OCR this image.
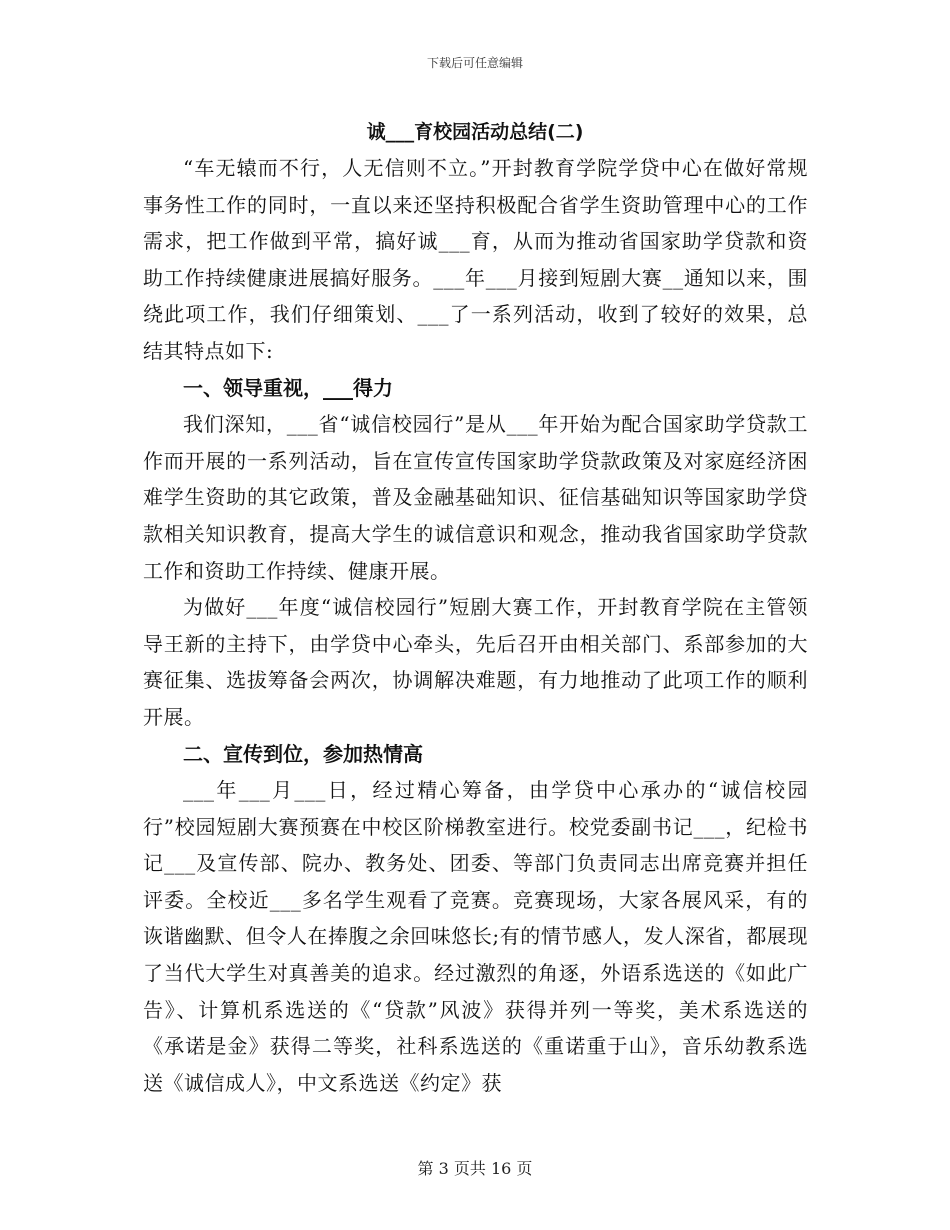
下载后可任意编辑
诚___育校园活动总结(二)

“车无辕而不行，人无信则不立。”开封教育学院学贷中心在做好常规事务性工作的同时，一直以来还坚持积极配合省学生资助管理中心的工作需求，把工作做到平常，搞好诚___育，从而为推动省国家助学贷款和资助工作持续健康进展搞好服务。___年___月接到短剧大赛__通知以来，围绕此项工作，我们仔细策划、___了一系列活动，收到了较好的效果，总结其特点如下:

一、领导重视，___得力

我们深知，___省“诚信校园行”是从___年开始为配合国家助学贷款工作而开展的一系列活动，旨在宣传宣传国家助学贷款政策及对家庭经济困难学生资助的其它政策，普及金融基础知识、征信基础知识等国家助学贷款相关知识教育，提高大学生的诚信意识和观念，推动我省国家助学贷款工作和资助工作持续、健康开展。

为做好___年度“诚信校园行”短剧大赛工作，开封教育学院在主管领导王新的主持下，由学贷中心牵头，先后召开由相关部门、系部参加的大赛征集、选拔筹备会两次，协调解决难题，有力地推动了此项工作的顺利开展。

二、宣传到位，参加热情高

___年___月___日，经过精心筹备，由学贷中心承办的“诚信校园行”校园短剧大赛预赛在中校区阶梯教室进行。校党委副书记___，纪检书记___及宣传部、院办、教务处、团委、等部门负责同志出席竞赛并担任评委。全校近___多名学生观看了竞赛。竞赛现场，大家各展风采，有的诙谐幽默、但令人在捧腹之余回味悠长;有的情节感人，发人深省，都展现了当代大学生对真善美的追求。经过激烈的角逐，外语系选送的《如此广告》、计算机系选送的《“贷款”风波》获得并列一等奖，美术系选送的《承诺是金》获得二等奖，社科系选送的《重诺重于山》，音乐幼教系选送《诚信成人》，中文系选送《约定》获

第 3 页共 16 页
